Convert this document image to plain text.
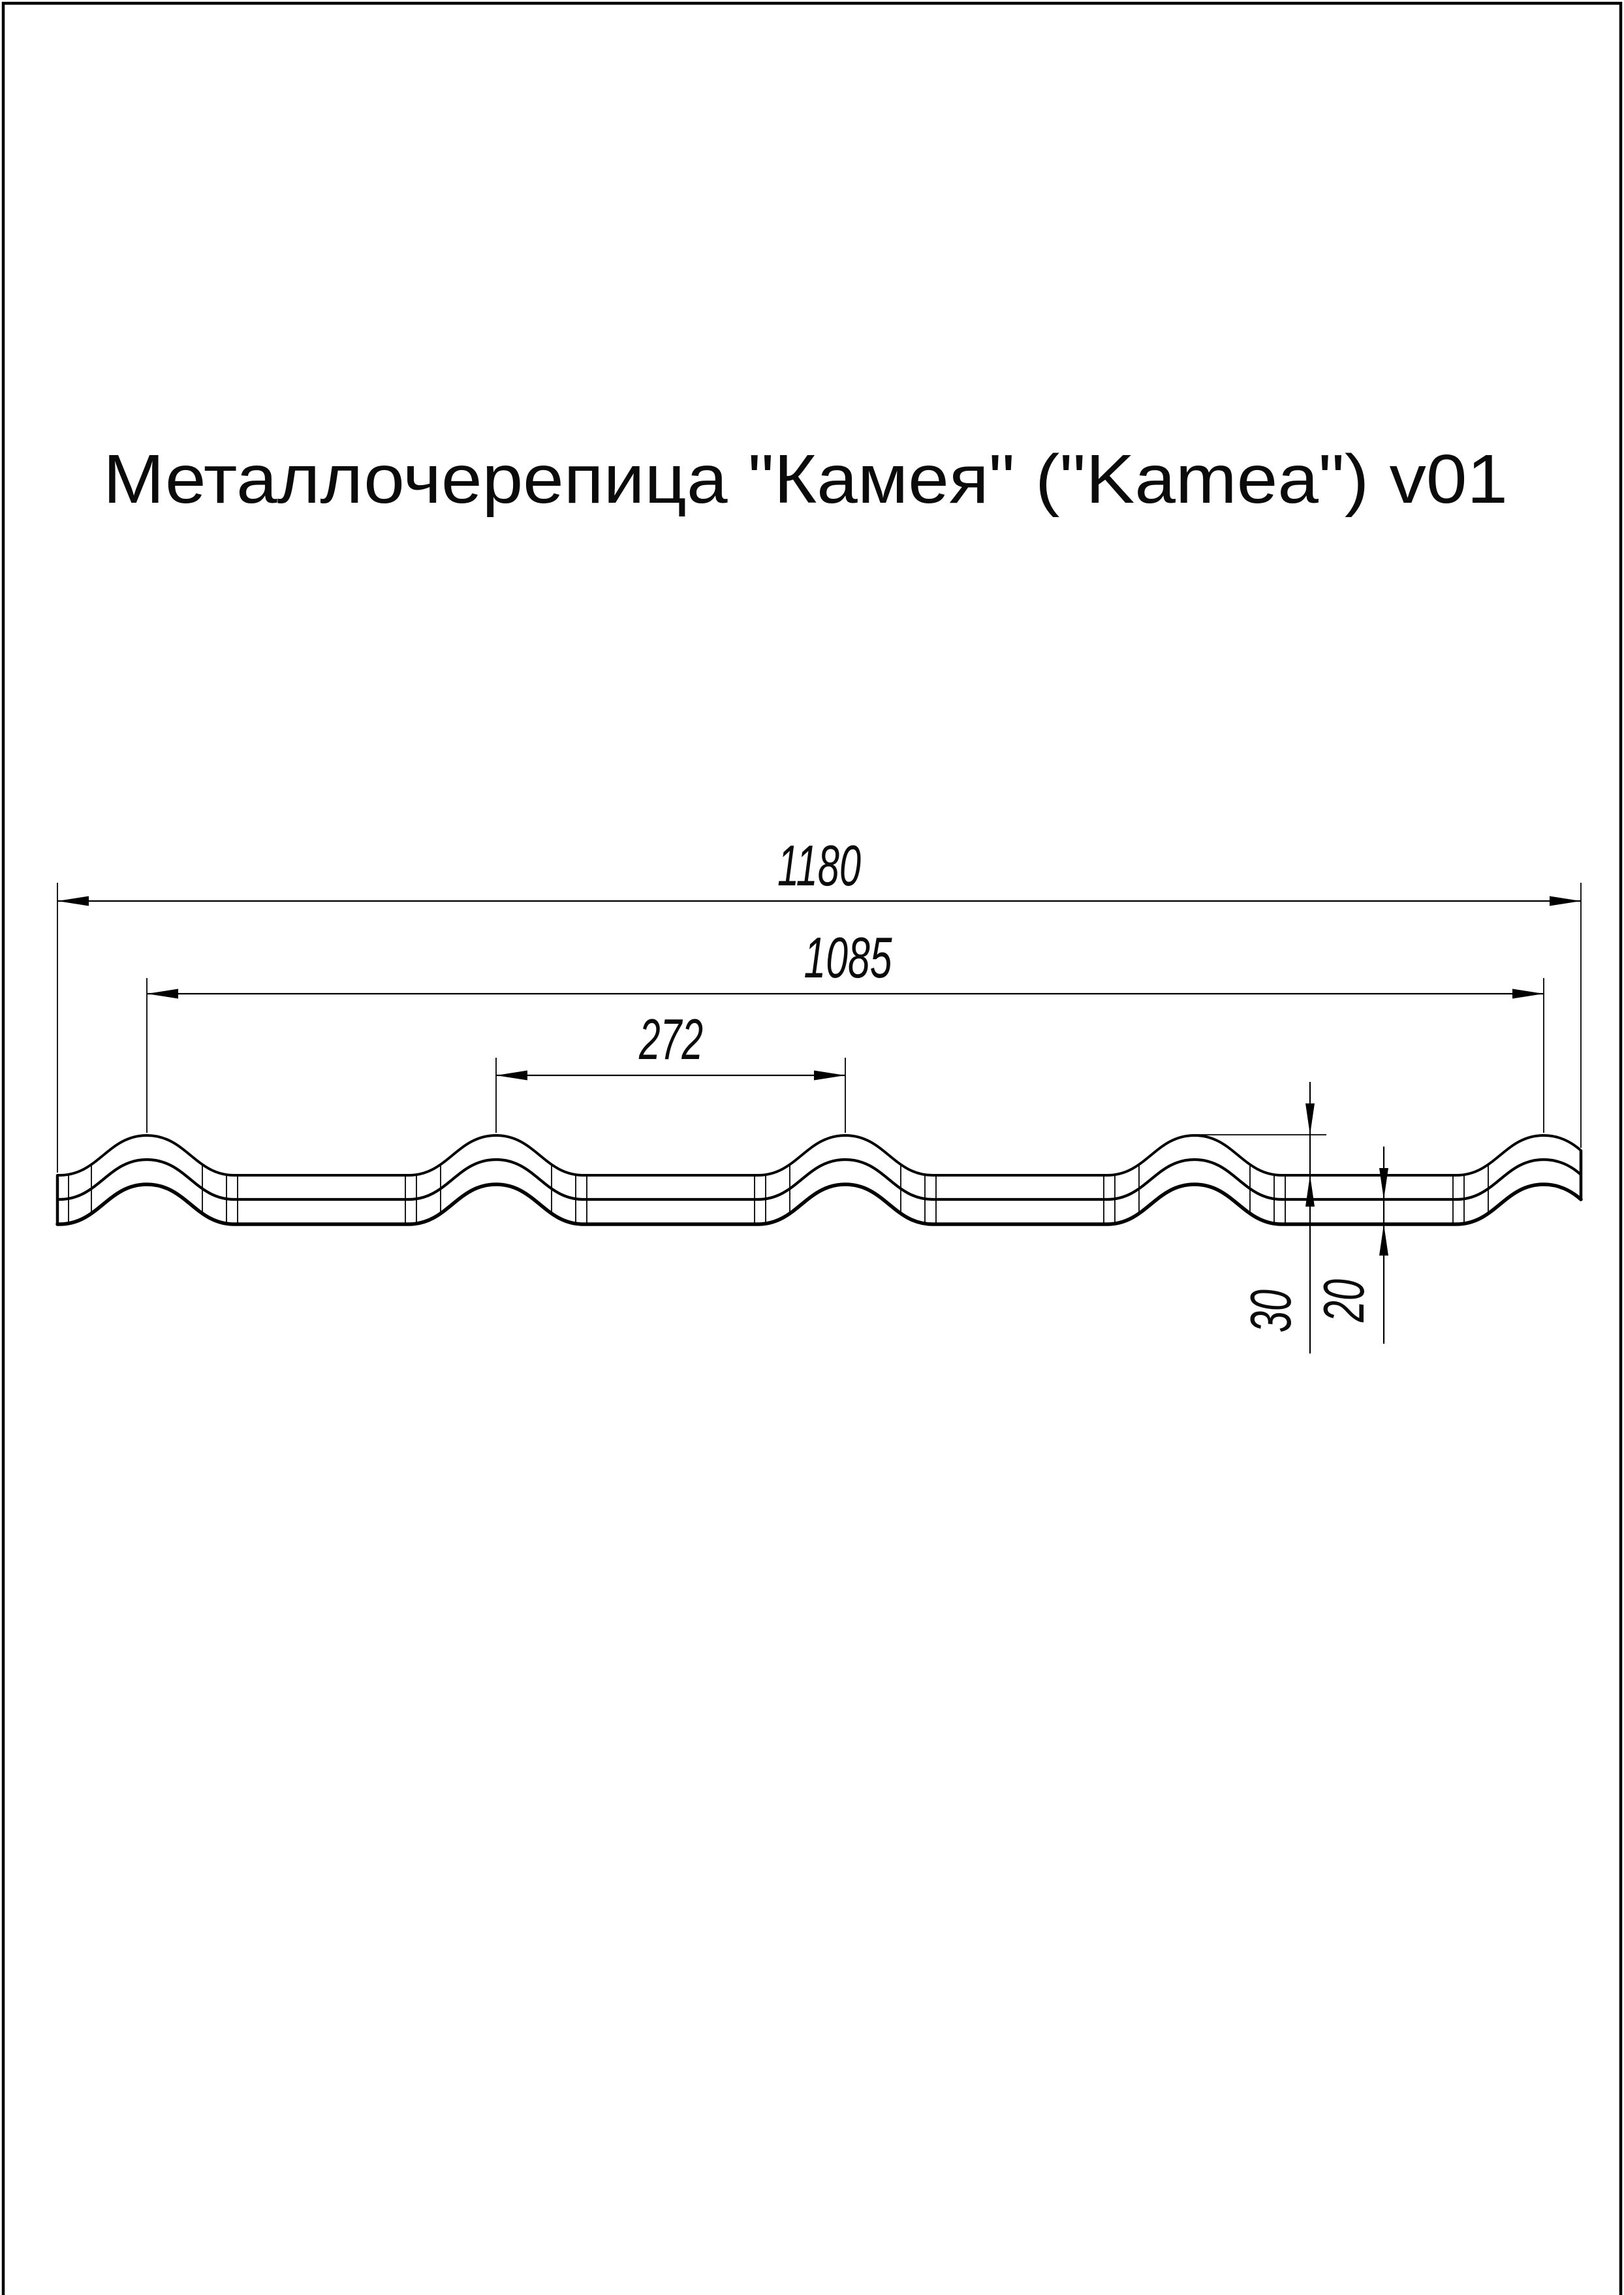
Металлочерепица "Камея" ("Kamea") v01
1180
1085
272
30 20
